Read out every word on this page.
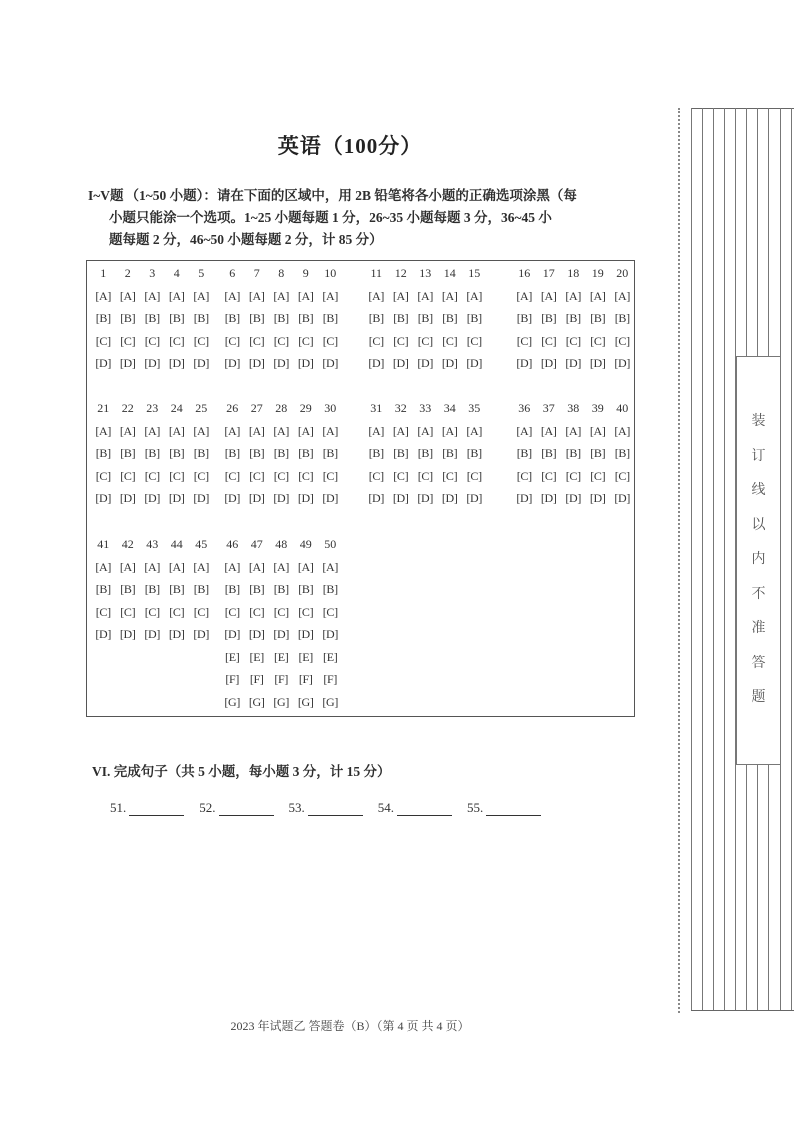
英语（100分）
I~V题 （1~50 小题）：请在下面的区域中，用 2B 铅笔将各小题的正确选项涂黑（每
小题只能涂一个选项。1~25 小题每题 1 分，26~35 小题每题 3 分，36~45 小
题每题 2 分，46~50 小题每题 2 分，计 85 分）
1	2	3	4	5
[A] [A] [A] [A] [A]
[B] [B] [B] [B] [B]
[C] [C] [C] [C] [C]
[D] [D] [D] [D] [D]
6	7	8	9	10
[A] [A] [A] [A] [A]
[B] [B] [B] [B] [B]
[C] [C] [C] [C] [C]
[D] [D] [D] [D] [D]
11	12	13	14	15
[A] [A] [A] [A] [A]
[B] [B] [B] [B] [B]
[C] [C] [C] [C] [C]
[D] [D] [D] [D] [D]
16	17	18	19	20
[A] [A] [A] [A] [A]
[B] [B] [B] [B] [B]
[C] [C] [C] [C] [C]
[D] [D] [D] [D] [D]
21	22	23	24	25
[A] [A] [A] [A] [A]
[B] [B] [B] [B] [B]
[C] [C] [C] [C] [C]
[D] [D] [D] [D] [D]
26	27	28	29	30
[A] [A] [A] [A] [A]
[B] [B] [B] [B] [B]
[C] [C] [C] [C] [C]
[D] [D] [D] [D] [D]
31	32	33	34	35
[A] [A] [A] [A] [A]
[B] [B] [B] [B] [B]
[C] [C] [C] [C] [C]
[D] [D] [D] [D] [D]
36	37	38	39	40
[A] [A] [A] [A] [A]
[B] [B] [B] [B] [B]
[C] [C] [C] [C] [C]
[D] [D] [D] [D] [D]
41	42	43	44	45
[A] [A] [A] [A] [A]
[B] [B] [B] [B] [B]
[C] [C] [C] [C] [C]
[D] [D] [D] [D] [D]
46	47	48	49	50
[A] [A] [A] [A] [A]
[B] [B] [B] [B] [B]
[C] [C] [C] [C] [C]
[D] [D] [D] [D] [D]
[E] [E] [E] [E] [E]
[F] [F] [F] [F] [F]
[G] [G] [G] [G] [G]
VI. 完成句子（共 5 小题，每小题 3 分，计 15 分）
51.	52.	53.	54.	55.
2023 年试题乙 答题卷（B）（第 4 页 共 4 页）
装
订
线
以
内
不
准
答
题
